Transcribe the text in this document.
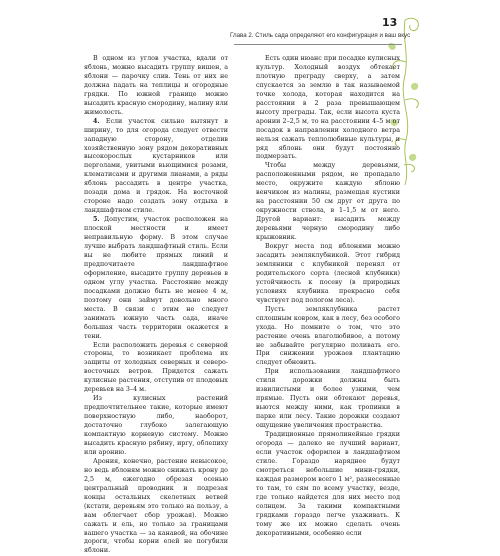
13
Глава 2. Стиль сада определяют его конфигурация и ваш вкус

В одном из углов участка, вдали от яблонь, можно высадить группу вишен, а яблони — парочку слив. Тень от них не должна падать на теплицы и огородные грядки. По южной границе можно высадить красную смородину, малину или жимолость.

4. Если участок сильно вытянут в ширину, то для огорода следует отвести западную сторону, отделив хозяйственную зону рядом декоративных высокорослых кустарников или перголами, увитыми вьющимися розами, клематисами и другими лианами, а ряды яблонь рассадить в центре участка, позади дома и грядок. На восточной стороне надо создать зону отдыха в ландшафтном стиле.

5. Допустим, участок расположен на плоской местности и имеет неправильную форму. В этом случае лучше выбрать ландшафтный стиль. Если вы не любите прямых линий и предпочитаете ландшафтное оформление, высадите группу деревьев в одном углу участка. Расстояние между посадками должно быть не менее 4 м, поэтому они займут довольно много места. В связи с этим не следует занимать южную часть сада, иначе большая часть территории окажется в тени.

Если расположить деревья с северной стороны, то возникает проблема их защиты от холодных северных и северо-восточных ветров. Придется сажать кулисные растения, отступив от плодовых деревьев на 3–4 м.

Из кулисных растений предпочтительнее такие, которые имеют поверхностную либо, наоборот, достаточно глубоко залегающую компактную корневую систему. Можно высадить красную рябину, иргу, облепиху или аронию.

Арония, конечно, растение невысокое, но ведь яблоням можно снижать крону до 2,5 м, ежегодно обрезая осенью центральный проводник и подрезая концы остальных скелетных ветвей (кстати, деревьям это только на пользу, а вам облегчает сбор урожая). Можно сажать и ель, но только за границами вашего участка — за канавой, на обочине дороги, чтобы корни елей не погубили яблони.

Есть один нюанс при посадке кулисных культур. Холодный воздух обтекает плотную преграду сверху, а затем спускается за землю в так называемой точке холода, которая находится на расстоянии в 2 раза превышающем высоту преграды. Так, если высота куста аронии 2–2,5 м, то на расстоянии 4–5 м от посадок в направлении холодного ветра нельзя сажать теплолюбивые культуры, и ряд яблонь они будут постоянно подмерзать.

Чтобы между деревьями, расположенными рядом, не пропадало место, окружите каждую яблоню венчиком из малины, размещая кустики на расстоянии 50 см друг от друга по окружности ствола, в 1–1,5 м от него. Другой вариант: высадить между деревьями черную смородину либо крыжовник.

Вокруг места под яблонями можно засадить земляклубникой. Этот гибрид земляники с клубникой перенял от родительского сорта (лесной клубники) устойчивость к посеву (в природных условиях клубника прекрасно себя чувствует под пологом леса).

Пусть земляклубника растет сплошным ковром, как в лесу, без особого ухода. Но помните о том, что это растение очень влаголюбивое, а потому не забывайте регулярно поливать его. При снижении урожаев плантацию следует обновить.

При использовании ландшафтного стиля дорожки должны быть извилистыми и более узкими, чем прямые. Пусть они обтекают деревья, вьются между ними, как тропинки в парке или лесу. Такие дорожки создают ощущение увеличения пространства.

Традиционные прямолинейные грядки огорода — далеко не лучший вариант, если участок оформлен в ландшафтном стиле. Гораздо наряднее будут смотреться небольшие мини-грядки, каждая размером всего 1 м², разнесенные то там, то сям по всему участку, везде, где только найдется для них место под солнцем. За такими компактными грядками гораздо легче ухаживать. К тому же их можно сделать очень декоративными, особенно если
